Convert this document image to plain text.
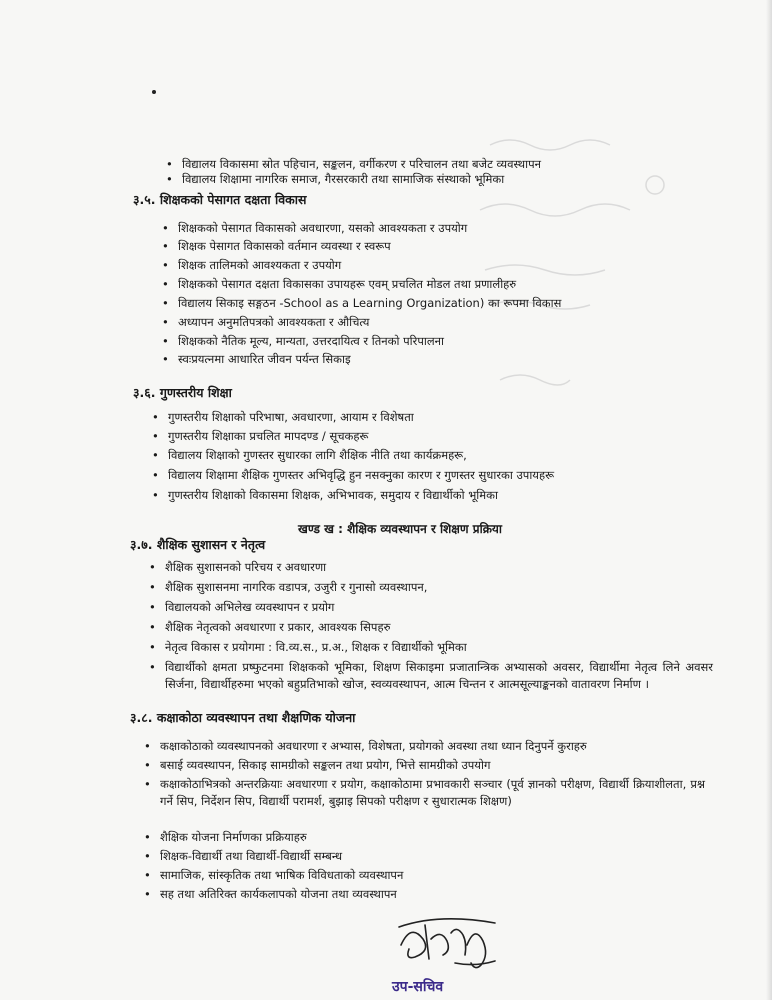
• विद्यालय विकासमा स्रोत पहिचान, सङ्कलन, वर्गीकरण र परिचालन तथा बजेट व्यवस्थापन
• विद्यालय शिक्षामा नागरिक समाज, गैरसरकारी तथा सामाजिक संस्थाको भूमिका
३.५. शिक्षकको पेसागत दक्षता विकास
• शिक्षकको पेसागत विकासको अवधारणा, यसको आवश्यकता र उपयोग
• शिक्षक पेसागत विकासको वर्तमान व्यवस्था र स्वरूप
• शिक्षक तालिमको आवश्यकता र उपयोग
• शिक्षकको पेसागत दक्षता विकासका उपायहरू एवम् प्रचलित मोडल तथा प्रणालीहरु
• विद्यालय सिकाइ सङ्गठन -School as a Learning Organization) का रूपमा विकास
• अध्यापन अनुमतिपत्रको आवश्यकता र औचित्य
• शिक्षकको नैतिक मूल्य, मान्यता, उत्तरदायित्व र तिनको परिपालना
• स्वःप्रयत्नमा आधारित जीवन पर्यन्त सिकाइ
३.६. गुणस्तरीय शिक्षा
• गुणस्तरीय शिक्षाको परिभाषा, अवधारणा, आयाम र विशेषता
• गुणस्तरीय शिक्षाका प्रचलित मापदण्ड / सूचकहरू
• विद्यालय शिक्षाको गुणस्तर सुधारका लागि शैक्षिक नीति तथा कार्यक्रमहरू,
• विद्यालय शिक्षामा शैक्षिक गुणस्तर अभिवृद्धि हुन नसक्नुका कारण र गुणस्तर सुधारका उपायहरू
• गुणस्तरीय शिक्षाको विकासमा शिक्षक, अभिभावक, समुदाय र विद्यार्थीको भूमिका
खण्ड ख : शैक्षिक व्यवस्थापन र शिक्षण प्रक्रिया
३.७. शैक्षिक सुशासन र नेतृत्व
• शैक्षिक सुशासनको परिचय र अवधारणा
• शैक्षिक सुशासनमा नागरिक वडापत्र, उजुरी र गुनासो व्यवस्थापन,
• विद्यालयको अभिलेख व्यवस्थापन र प्रयोग
• शैक्षिक नेतृत्वको अवधारणा र प्रकार, आवश्यक सिपहरु
• नेतृत्व विकास र प्रयोगमा : वि.व्य.स., प्र.अ., शिक्षक र विद्यार्थीको भूमिका
• विद्यार्थीको क्षमता प्रष्फुटनमा शिक्षकको भूमिका, शिक्षण सिकाइमा प्रजातान्त्रिक अभ्यासको अवसर, विद्यार्थीमा नेतृत्व लिने अवसर सिर्जना, विद्यार्थीहरुमा भएको बहुप्रतिभाको खोज, स्वव्यवस्थापन, आत्म चिन्तन र आत्मसूल्याङ्कनको वातावरण निर्माण ।
३.८. कक्षाकोठा व्यवस्थापन तथा शैक्षणिक योजना
• कक्षाकोठाको व्यवस्थापनको अवधारणा र अभ्यास, विशेषता, प्रयोगको अवस्था तथा ध्यान दिनुपर्ने कुराहरु
• बसाई व्यवस्थापन, सिकाइ सामग्रीको सङ्कलन तथा प्रयोग, भित्ते सामग्रीको उपयोग
• कक्षाकोठाभित्रको अन्तरक्रियाः अवधारणा र प्रयोग, कक्षाकोठामा प्रभावकारी सञ्चार (पूर्व ज्ञानको परीक्षण, विद्यार्थी क्रियाशीलता, प्रश्न गर्ने सिप, निर्देशन सिप, विद्यार्थी परामर्श, बुझाइ सिपको परीक्षण र सुधारात्मक शिक्षण)
• शैक्षिक योजना निर्माणका प्रक्रियाहरु
• शिक्षक-विद्यार्थी तथा विद्यार्थी-विद्यार्थी सम्बन्ध
• सामाजिक, सांस्कृतिक तथा भाषिक विविधताको व्यवस्थापन
• सह तथा अतिरिक्त कार्यकलापको योजना तथा व्यवस्थापन
उप-सचिव
